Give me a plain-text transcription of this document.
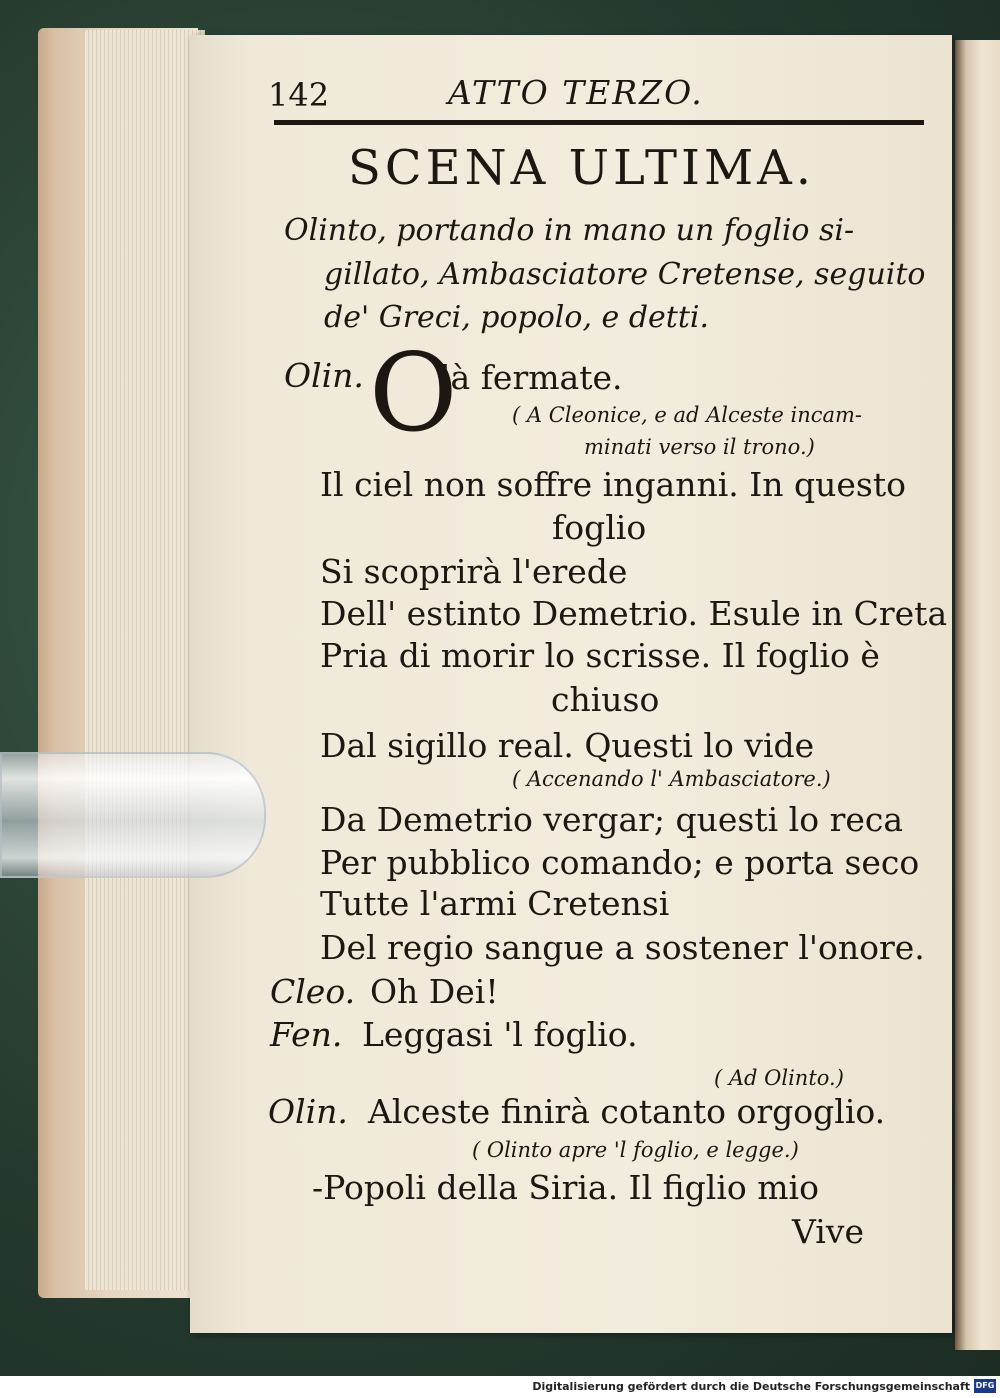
142	ATTO TERZO.
SCENA ULTIMA.
Olinto, portando in mano un foglio si-
gillato, Ambasciatore Cretense, seguito
de' Greci, popolo, e detti.
Olin. O
là fermate.
( A Cleonice, e ad Alceste incam-
minati verso il trono.)
Il ciel non soffre inganni. In questo
foglio
Si scoprirà l'erede
Dell' estinto Demetrio. Esule in Creta
Pria di morir lo scrisse. Il foglio è
chiuso
Dal sigillo real. Questi lo vide
( Accenando l' Ambasciatore.)
Da Demetrio vergar; questi lo reca
Per pubblico comando; e porta seco
Tutte l'armi Cretensi
Del regio sangue a sostener l'onore.
Cleo. Oh Dei!
Fen. Leggasi 'l foglio.
( Ad Olinto.)
Olin. Alceste finirà cotanto orgoglio.
( Olinto apre 'l foglio, e legge.)
-Popoli della Siria. Il figlio mio
Vive
Digitalisierung gefördert durch die Deutsche Forschungsgemeinschaft DFG
